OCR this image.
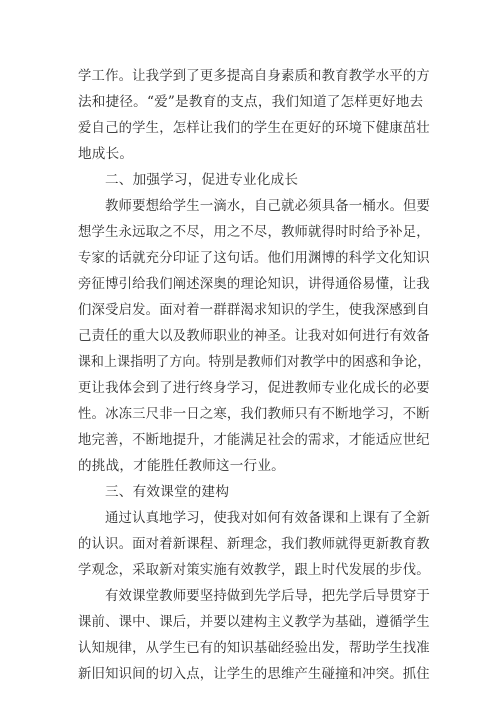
学工作。让我学到了更多提高自身素质和教育教学水平的方
法和捷径。“爱”是教育的支点，我们知道了怎样更好地去
爱自己的学生，怎样让我们的学生在更好的环境下健康茁壮
地成长。
二、加强学习，促进专业化成长
教师要想给学生一滴水，自己就必须具备一桶水。但要
想学生永远取之不尽，用之不尽，教师就得时时给予补足，
专家的话就充分印证了这句话。他们用渊博的科学文化知识
旁征博引给我们阐述深奥的理论知识，讲得通俗易懂，让我
们深受启发。面对着一群群渴求知识的学生，使我深感到自
己责任的重大以及教师职业的神圣。让我对如何进行有效备
课和上课指明了方向。特别是教师们对教学中的困惑和争论，
更让我体会到了进行终身学习，促进教师专业化成长的必要
性。冰冻三尺非一日之寒，我们教师只有不断地学习，不断
地完善，不断地提升，才能满足社会的需求，才能适应世纪
的挑战，才能胜任教师这一行业。
三、有效课堂的建构
通过认真地学习，使我对如何有效备课和上课有了全新
的认识。面对着新课程、新理念，我们教师就得更新教育教
学观念，采取新对策实施有效教学，跟上时代发展的步伐。
有效课堂教师要坚持做到先学后导，把先学后导贯穿于
课前、课中、课后，并要以建构主义教学为基础，遵循学生
认知规律，从学生已有的知识基础经验出发，帮助学生找准
新旧知识间的切入点，让学生的思维产生碰撞和冲突。抓住
